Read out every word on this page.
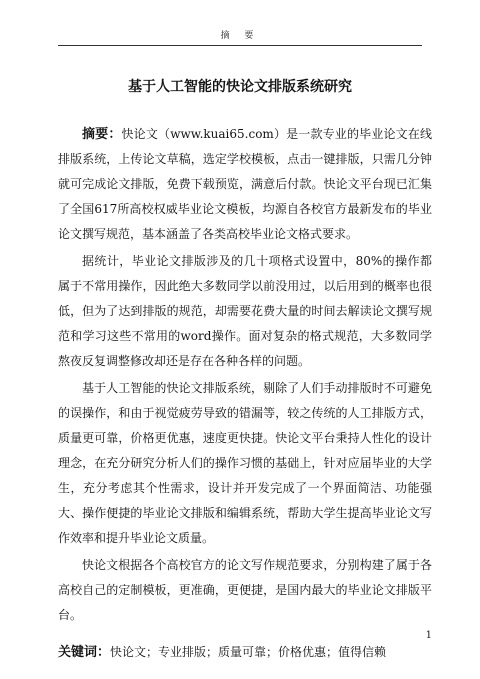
摘 要
基于人工智能的快论文排版系统研究

摘要：快论文（www.kuai65.com）是一款专业的毕业论文在线排版系统，上传论文草稿，选定学校模板，点击一键排版，只需几分钟就可完成论文排版，免费下载预览，满意后付款。快论文平台现已汇集了全国617所高校权威毕业论文模板，均源自各校官方最新发布的毕业论文撰写规范，基本涵盖了各类高校毕业论文格式要求。

据统计，毕业论文排版涉及的几十项格式设置中，80%的操作都属于不常用操作，因此绝大多数同学以前没用过，以后用到的概率也很低，但为了达到排版的规范，却需要花费大量的时间去解读论文撰写规范和学习这些不常用的word操作。面对复杂的格式规范，大多数同学熬夜反复调整修改却还是存在各种各样的问题。

基于人工智能的快论文排版系统，剔除了人们手动排版时不可避免的误操作，和由于视觉疲劳导致的错漏等，较之传统的人工排版方式，质量更可靠，价格更优惠，速度更快捷。快论文平台秉持人性化的设计理念，在充分研究分析人们的操作习惯的基础上，针对应届毕业的大学生，充分考虑其个性需求，设计并开发完成了一个界面简洁、功能强大、操作便捷的毕业论文排版和编辑系统，帮助大学生提高毕业论文写作效率和提升毕业论文质量。

快论文根据各个高校官方的论文写作规范要求，分别构建了属于各高校自己的定制模板，更准确，更便捷，是国内最大的毕业论文排版平台。

关键词：快论文；专业排版；质量可靠；价格优惠；值得信赖

1
